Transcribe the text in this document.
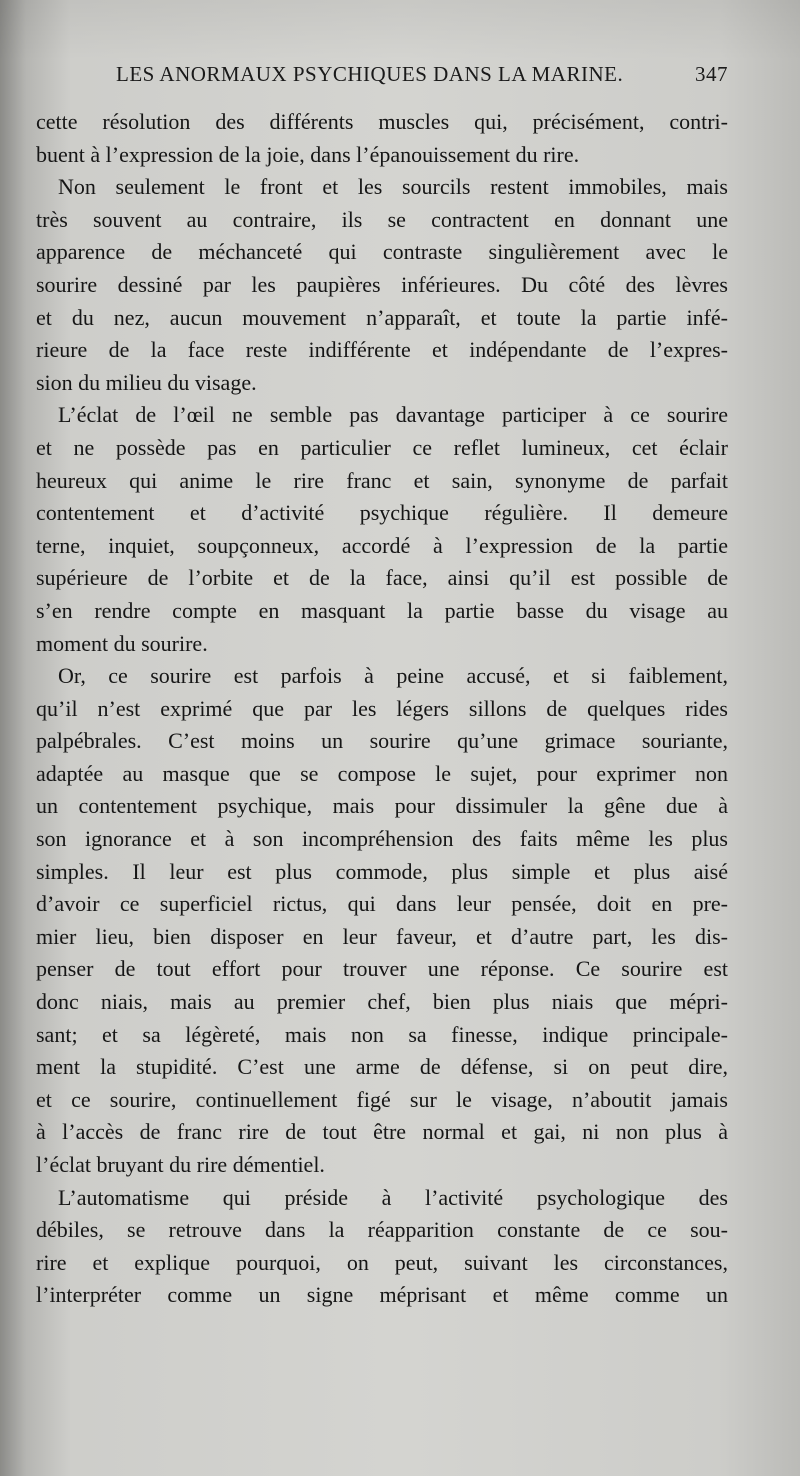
LES ANORMAUX PSYCHIQUES DANS LA MARINE.	347
cette résolution des différents muscles qui, précisément, contri-
buent à l’expression de la joie, dans l’épanouissement du rire.
Non seulement le front et les sourcils restent immobiles, mais
très souvent au contraire, ils se contractent en donnant une
apparence de méchanceté qui contraste singulièrement avec le
sourire dessiné par les paupières inférieures. Du côté des lèvres
et du nez, aucun mouvement n’apparaît, et toute la partie infé-
rieure de la face reste indifférente et indépendante de l’expres-
sion du milieu du visage.
L’éclat de l’œil ne semble pas davantage participer à ce sourire
et ne possède pas en particulier ce reflet lumineux, cet éclair
heureux qui anime le rire franc et sain, synonyme de parfait
contentement et d’activité psychique régulière. Il demeure
terne, inquiet, soupçonneux, accordé à l’expression de la partie
supérieure de l’orbite et de la face, ainsi qu’il est possible de
s’en rendre compte en masquant la partie basse du visage au
moment du sourire.
Or, ce sourire est parfois à peine accusé, et si faiblement,
qu’il n’est exprimé que par les légers sillons de quelques rides
palpébrales. C’est moins un sourire qu’une grimace souriante,
adaptée au masque que se compose le sujet, pour exprimer non
un contentement psychique, mais pour dissimuler la gêne due à
son ignorance et à son incompréhension des faits même les plus
simples. Il leur est plus commode, plus simple et plus aisé
d’avoir ce superficiel rictus, qui dans leur pensée, doit en pre-
mier lieu, bien disposer en leur faveur, et d’autre part, les dis-
penser de tout effort pour trouver une réponse. Ce sourire est
donc niais, mais au premier chef, bien plus niais que mépri-
sant; et sa légèreté, mais non sa finesse, indique principale-
ment la stupidité. C’est une arme de défense, si on peut dire,
et ce sourire, continuellement figé sur le visage, n’aboutit jamais
à l’accès de franc rire de tout être normal et gai, ni non plus à
l’éclat bruyant du rire démentiel.
L’automatisme qui préside à l’activité psychologique des
débiles, se retrouve dans la réapparition constante de ce sou-
rire et explique pourquoi, on peut, suivant les circonstances,
l’interpréter comme un signe méprisant et même comme un
